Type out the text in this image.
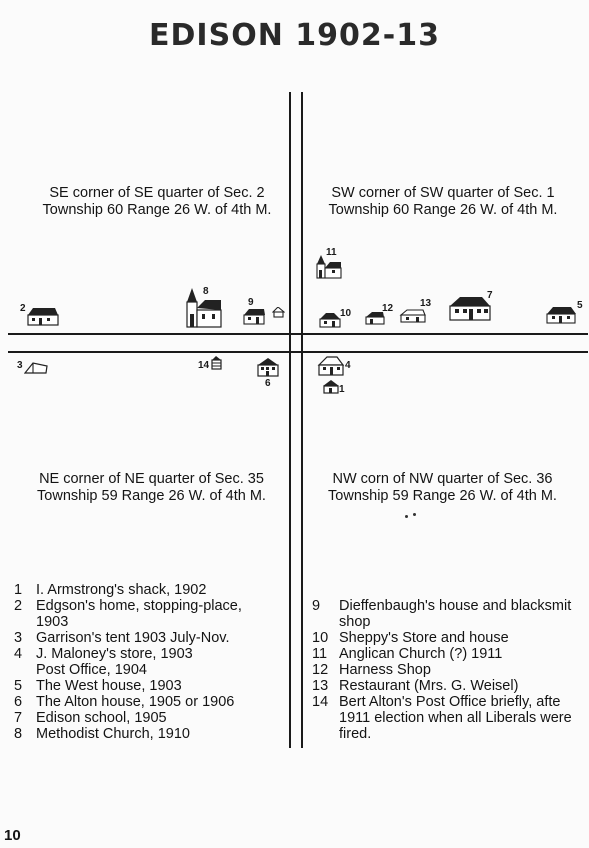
EDISON 1902-13
SE corner of SE quarter of Sec. 2
Township 60 Range 26 W. of 4th M.
SW corner of SW quarter of Sec. 1
Township 60 Range 26 W. of 4th M.
NE corner of NE quarter of Sec. 35
Township 59 Range 26 W. of 4th M.
NW corn of NW quarter of Sec. 36
Township 59 Range 26 W. of 4th M.
2
8
9
11
10	12	13
7
5
3	14
6
4
1
1 I. Armstrong's shack, 1902
2 Edgson's home, stopping-place,
1903
3 Garrison's tent 1903 July-Nov.
4 J. Maloney's store, 1903
Post Office, 1904
5 The West house, 1903
6 The Alton house, 1905 or 1906
7 Edison school, 1905
8 Methodist Church, 1910
9 Dieffenbaugh's house and blacksmit
shop
10 Sheppy's Store and house
11 Anglican Church (?) 1911
12 Harness Shop
13 Restaurant (Mrs. G. Weisel)
14 Bert Alton's Post Office briefly, afte
1911 election when all Liberals were
fired.
10
